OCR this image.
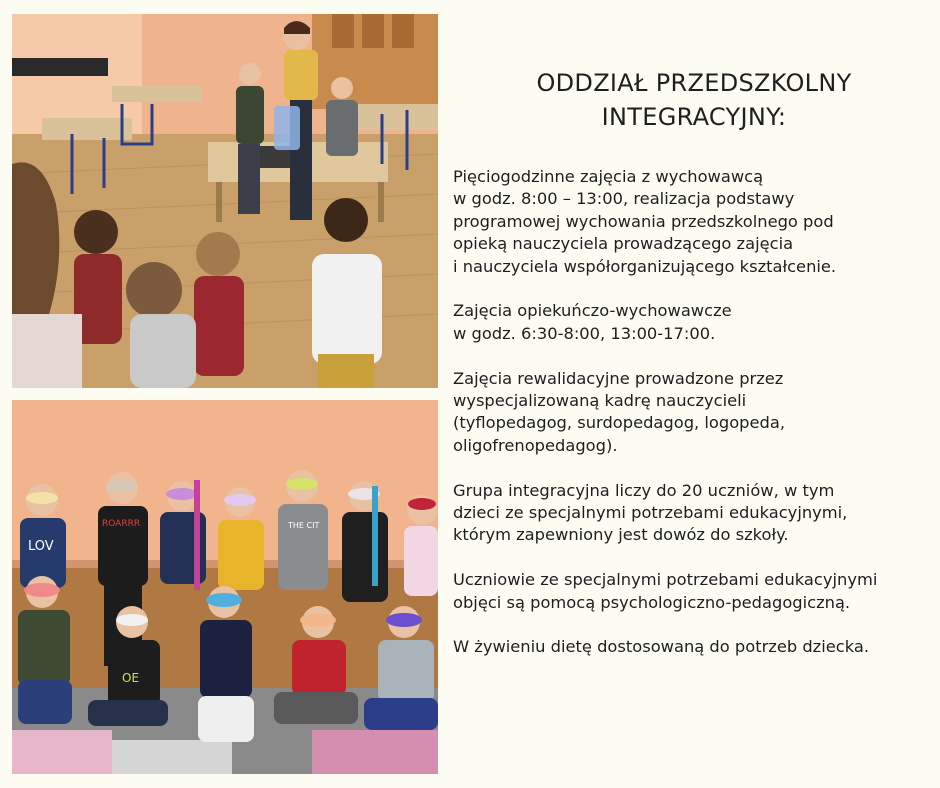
LOV
ROARRR	THE CIT
OE
ODDZIAŁ PRZEDSZKOLNY
INTEGRACYJNY:

Pięciogodzinne zajęcia z wychowawcą
w godz. 8:00 – 13:00, realizacja podstawy
programowej wychowania przedszkolnego pod
opieką nauczyciela prowadzącego zajęcia
i nauczyciela współorganizującego kształcenie.

Zajęcia opiekuńczo-wychowawcze
w godz. 6:30-8:00, 13:00-17:00.

Zajęcia rewalidacyjne prowadzone przez
wyspecjalizowaną kadrę nauczycieli
(tyflopedagog, surdopedagog, logopeda,
oligofrenopedagog).

Grupa integracyjna liczy do 20 uczniów, w tym
dzieci ze specjalnymi potrzebami edukacyjnymi,
którym zapewniony jest dowóz do szkoły.

Uczniowie ze specjalnymi potrzebami edukacyjnymi
objęci są pomocą psychologiczno-pedagogiczną.

W żywieniu dietę dostosowaną do potrzeb dziecka.
